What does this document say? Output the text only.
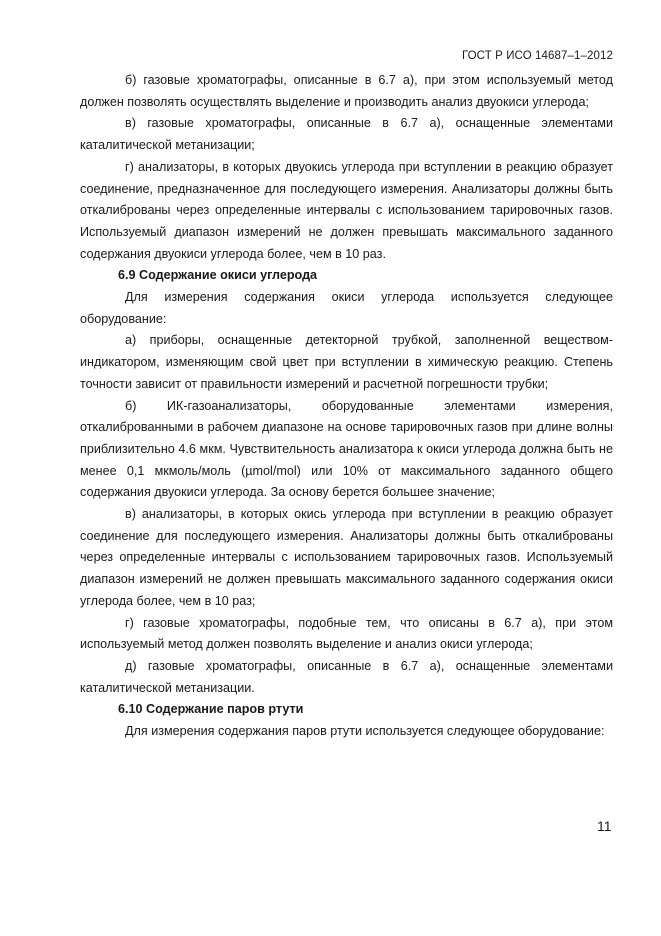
ГОСТ Р ИСО 14687–1–2012

б) газовые хроматографы, описанные в 6.7 а), при этом используемый метод должен позволять осуществлять выделение и производить анализ двуокиси углерода;

в) газовые хроматографы, описанные в 6.7 а), оснащенные элементами каталитической метанизации;

г) анализаторы, в которых двуокись углерода при вступлении в реакцию образует соединение, предназначенное для последующего измерения. Анализаторы должны быть откалиброваны через определенные интервалы с использованием тарировочных газов. Используемый диапазон измерений не должен превышать максимального заданного содержания двуокиси углерода более, чем в 10 раз.

6.9 Содержание окиси углерода

Для измерения содержания окиси углерода используется следующее оборудование:

а) приборы, оснащенные детекторной трубкой, заполненной веществом-индикатором, изменяющим свой цвет при вступлении в химическую реакцию. Степень точности зависит от правильности измерений и расчетной погрешности трубки;

б) ИК-газоанализаторы, оборудованные элементами измерения, откалиброванными в рабочем диапазоне на основе тарировочных газов при длине волны приблизительно 4.6 мкм. Чувствительность анализатора к окиси углерода должна быть не менее 0,1 мкмоль/моль (µmol/mol) или 10% от максимального заданного общего содержания двуокиси углерода. За основу берется большее значение;

в) анализаторы, в которых окись углерода при вступлении в реакцию образует соединение для последующего измерения. Анализаторы должны быть откалиброваны через определенные интервалы с использованием тарировочных газов. Используемый диапазон измерений не должен превышать максимального заданного содержания окиси углерода более, чем в 10 раз;

г) газовые хроматографы, подобные тем, что описаны в 6.7 а), при этом используемый метод должен позволять выделение и анализ окиси углерода;

д) газовые хроматографы, описанные в 6.7 а), оснащенные элементами каталитической метанизации.

6.10 Содержание паров ртути

Для измерения содержания паров ртути используется следующее оборудование:

11
